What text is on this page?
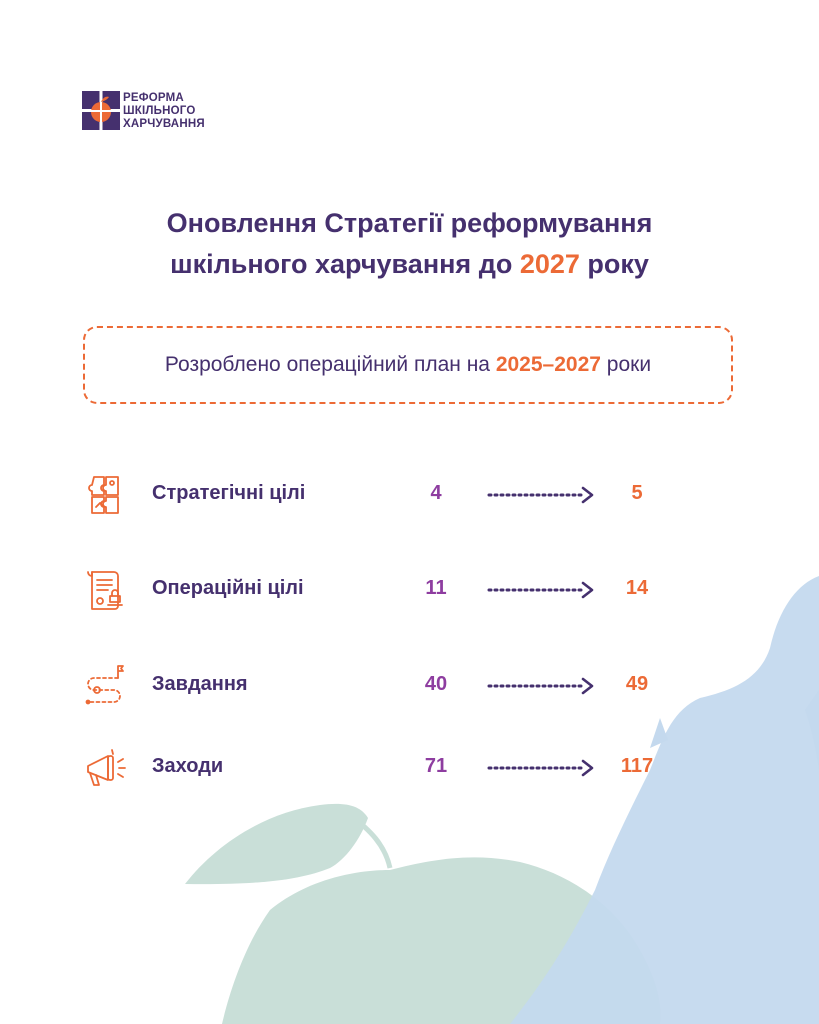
РЕФОРМА
ШКІЛЬНОГО
ХАРЧУВАННЯ
Оновлення Стратегії реформування
шкільного харчування до 2027 року
Розроблено операційний план на 2025–2027 роки
Стратегічні цілі	4	5
Операційні цілі	11	14
Завдання	40	49
Заходи	71	117
